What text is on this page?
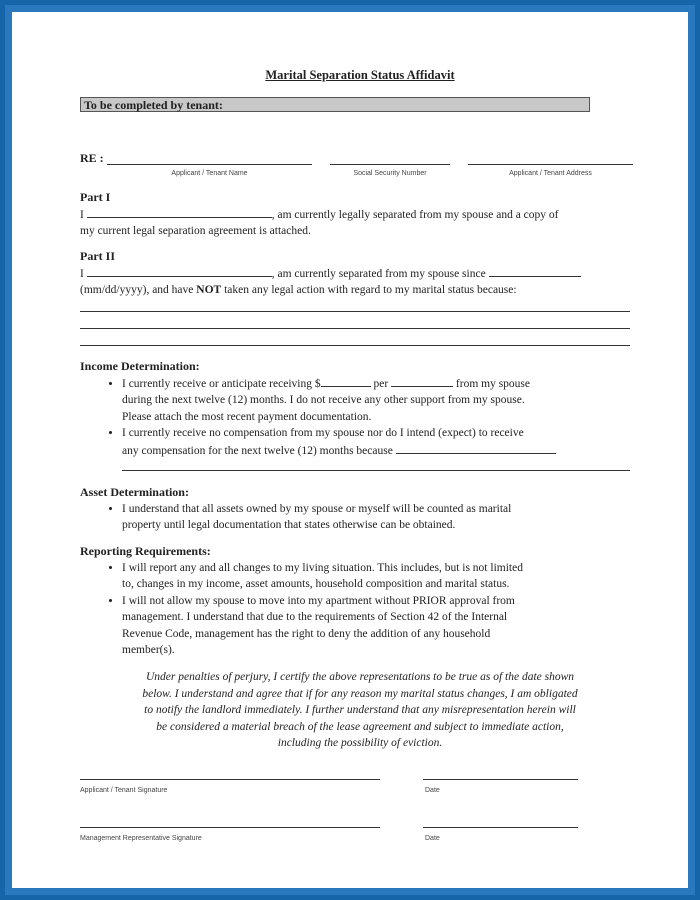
Marital Separation Status Affidavit
To be completed by tenant:
RE :
Applicant / Tenant Name	Social Security Number	Applicant / Tenant Address
Part I
I	, am currently legally separated from my spouse and a copy of
my current legal separation agreement is attached.
Part II
I	, am currently separated from my spouse since
(mm/dd/yyyy), and have NOT taken any legal action with regard to my marital status because:
Income Determination:
• I currently receive or anticipate receiving $	per	from my spouse
during the next twelve (12) months. I do not receive any other support from my spouse.
Please attach the most recent payment documentation.
• I currently receive no compensation from my spouse nor do I intend (expect) to receive
any compensation for the next twelve (12) months because
Asset Determination:
• I understand that all assets owned by my spouse or myself will be counted as marital
property until legal documentation that states otherwise can be obtained.
Reporting Requirements:
• I will report any and all changes to my living situation. This includes, but is not limited
to, changes in my income, asset amounts, household composition and marital status.
• I will not allow my spouse to move into my apartment without PRIOR approval from
management. I understand that due to the requirements of Section 42 of the Internal
Revenue Code, management has the right to deny the addition of any household
member(s).
Under penalties of perjury, I certify the above representations to be true as of the date shown
below. I understand and agree that if for any reason my marital status changes, I am obligated
to notify the landlord immediately. I further understand that any misrepresentation herein will
be considered a material breach of the lease agreement and subject to immediate action,
including the possibility of eviction.
Applicant / Tenant Signature	Date
Management Representative Signature	Date
